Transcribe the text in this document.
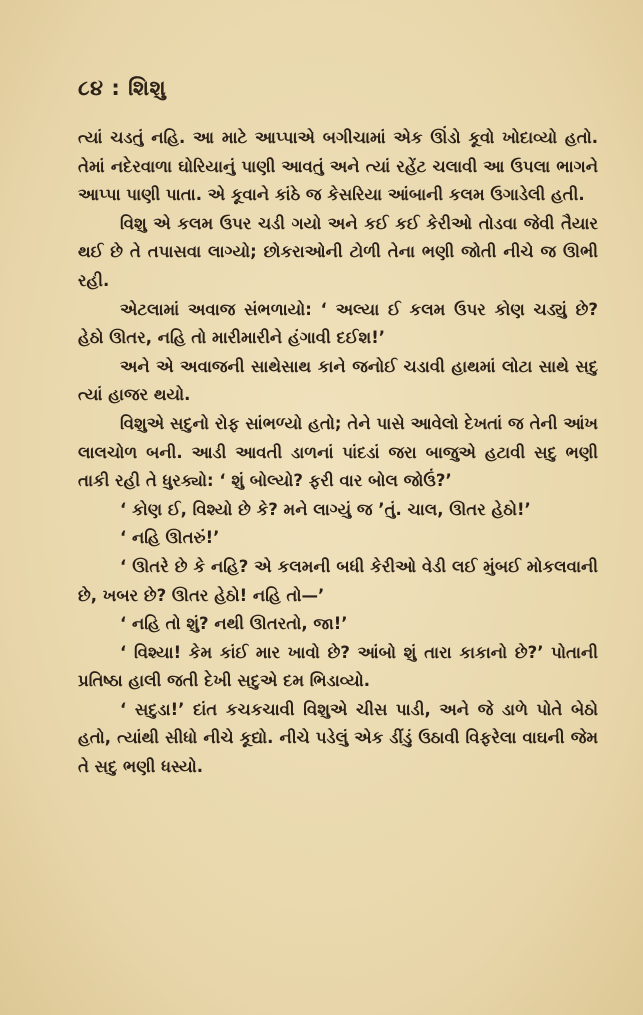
૮૪ : શિશુ

ત્યાં ચડતું નહિ. આ માટે આપ્પાએ બગીચામાં એક ઊંડો કૂવો ખોદાવ્યો હતો. તેમાં નદેરવાળા ઘોરિયાનું પાણી આવતું અને ત્યાં રહેંટ ચલાવી આ ઉપલા ભાગને આપ્પા પાણી પાતા. એ કૂવાને કાંઠે જ કેસરિયા આંબાની કલમ ઉગાડેલી હતી.

વિશુ એ કલમ ઉપર ચડી ગયો અને કઈ કઈ કેરીઓ તોડવા જેવી તૈયાર થઈ છે તે તપાસવા લાગ્યો; છોકરાઓની ટોળી તેના ભણી જોતી નીચે જ ઊભી રહી.

એટલામાં અવાજ સંભળાયો: ‘ અલ્યા ઈ કલમ ઉપર કોણ ચડ્યું છે? હેઠો ઊતર, નહિ તો મારીમારીને હંગાવી દઈશ!’

અને એ અવાજની સાથેસાથ કાને જનોઈ ચડાવી હાથમાં લોટા સાથે સદુ ત્યાં હાજર થયો.

વિશુએ સદુનો રોફ સાંભળ્યો હતો; તેને પાસે આવેલો દેખતાં જ તેની આંખ લાલચોળ બની. આડી આવતી ડાળનાં પાંદડાં જરા બાજુએ હટાવી સદુ ભણી તાકી રહી તે ધુરક્યો: ‘ શું બોલ્યો? ફરી વાર બોલ જોઉં?’

‘ કોણ ઈ, વિશ્યો છે કે? મને લાગ્યું જ ’તું. ચાલ, ઊતર હેઠો!’

‘ નહિ ઊતરું!’

‘ ઊતરે છે કે નહિ? એ કલમની બધી કેરીઓ વેડી લઈ મુંબઈ મોકલવાની છે, ખબર છે? ઊતર હેઠો! નહિ તો—’

‘ નહિ તો શું? નથી ઊતરતો, જા!’

‘ વિશ્યા! કેમ કાંઈ માર ખાવો છે? આંબો શું તારા કાકાનો છે?’ પોતાની પ્રતિષ્ઠા હાલી જતી દેખી સદુએ દમ ભિડાવ્યો.

‘ સદુડા!’ દાંત કચકચાવી વિશુએ ચીસ પાડી, અને જે ડાળે પોતે બેઠો હતો, ત્યાંથી સીધો નીચે કૂદ્યો. નીચે પડેલું એક ડીંડું ઉઠાવી વિફરેલા વાઘની જેમ તે સદુ ભણી ધસ્યો.
